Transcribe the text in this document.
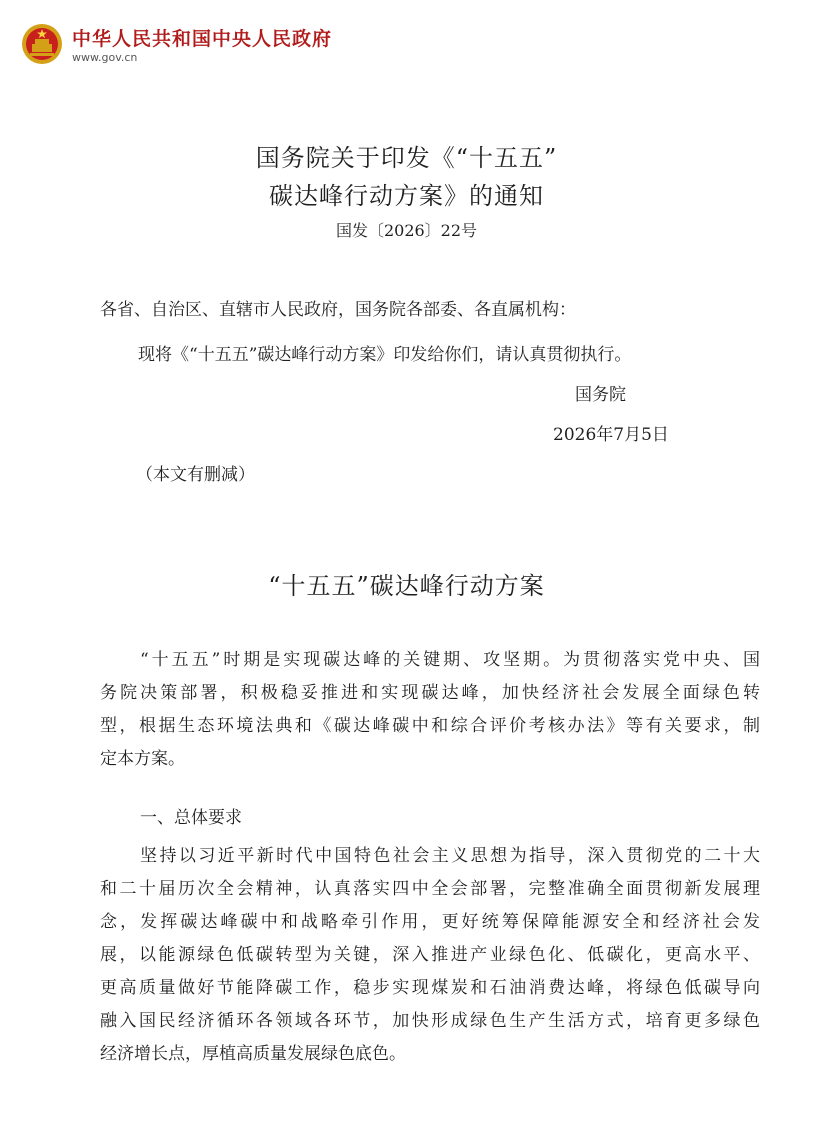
中华人民共和国中央人民政府
www.gov.cn
国务院关于印发《“十五五”
碳达峰行动方案》的通知
国发〔2026〕22号
各省、自治区、直辖市人民政府，国务院各部委、各直属机构：
现将《“十五五”碳达峰行动方案》印发给你们，请认真贯彻执行。
国务院
2026年7月5日
（本文有删减）
“十五五”碳达峰行动方案
“十五五”时期是实现碳达峰的关键期、攻坚期。为贯彻落实党中央、国
务院决策部署，积极稳妥推进和实现碳达峰，加快经济社会发展全面绿色转
型，根据生态环境法典和《碳达峰碳中和综合评价考核办法》等有关要求，制
定本方案。
一、总体要求
坚持以习近平新时代中国特色社会主义思想为指导，深入贯彻党的二十大
和二十届历次全会精神，认真落实四中全会部署，完整准确全面贯彻新发展理
念，发挥碳达峰碳中和战略牵引作用，更好统筹保障能源安全和经济社会发
展，以能源绿色低碳转型为关键，深入推进产业绿色化、低碳化，更高水平、
更高质量做好节能降碳工作，稳步实现煤炭和石油消费达峰，将绿色低碳导向
融入国民经济循环各领域各环节，加快形成绿色生产生活方式，培育更多绿色
经济增长点，厚植高质量发展绿色底色。
